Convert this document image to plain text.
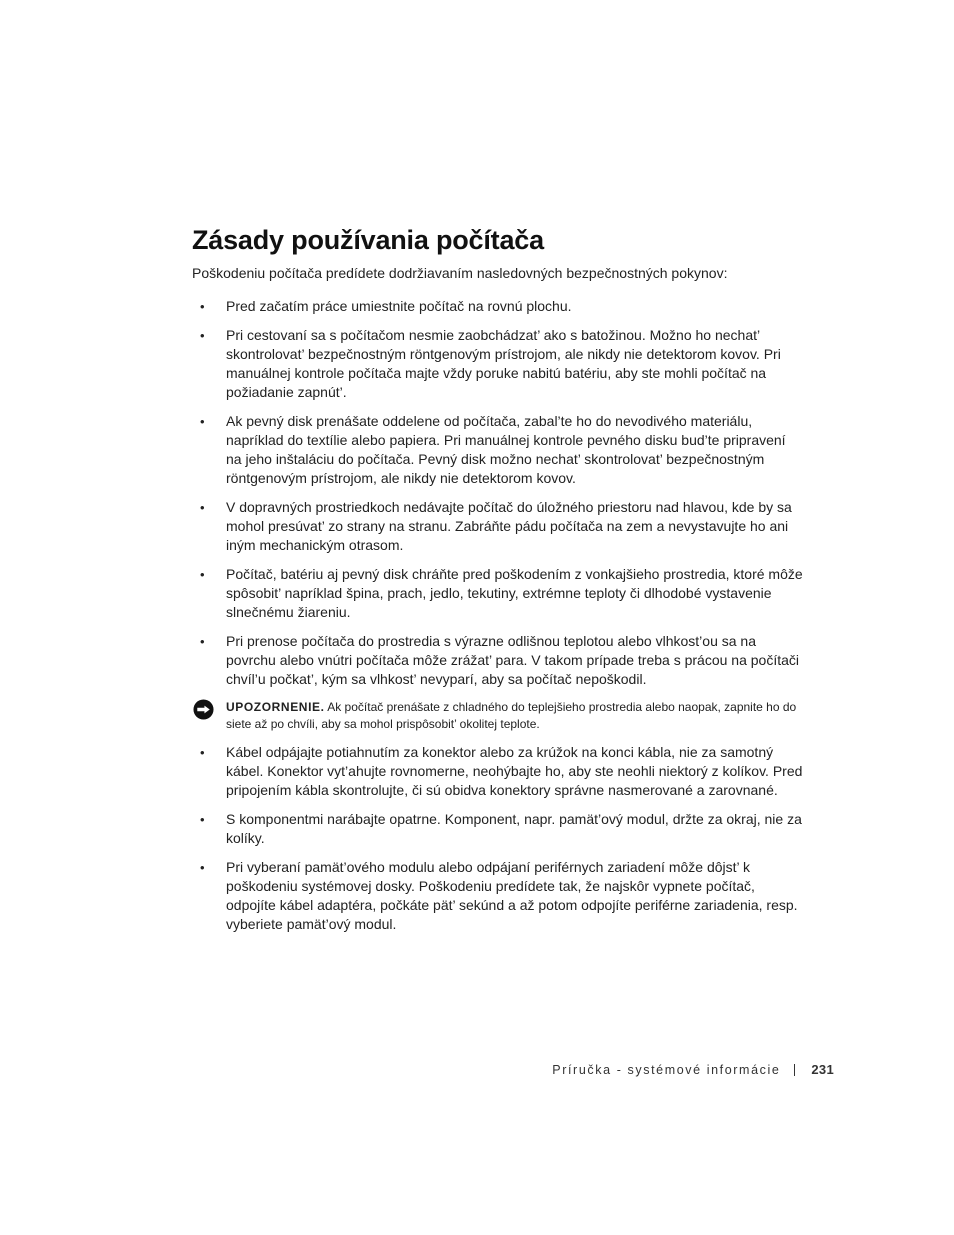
Zásady používania počítača

Poškodeniu počítača predídete dodržiavaním nasledovných bezpečnostných pokynov:

• Pred začatím práce umiestnite počítač na rovnú plochu.
• Pri cestovaní sa s počítačom nesmie zaobchádzat’ ako s batožinou. Možno ho nechat’ skontrolovat’ bezpečnostným röntgenovým prístrojom, ale nikdy nie detektorom kovov. Pri manuálnej kontrole počítača majte vždy poruke nabitú batériu, aby ste mohli počítač na požiadanie zapnút’.
• Ak pevný disk prenášate oddelene od počítača, zabal’te ho do nevodivého materiálu, napríklad do textílie alebo papiera. Pri manuálnej kontrole pevného disku bud’te pripravení na jeho inštaláciu do počítača. Pevný disk možno nechat’ skontrolovat’ bezpečnostným röntgenovým prístrojom, ale nikdy nie detektorom kovov.
• V dopravných prostriedkoch nedávajte počítač do úložného priestoru nad hlavou, kde by sa mohol presúvat’ zo strany na stranu. Zabráňte pádu počítača na zem a nevystavujte ho ani iným mechanickým otrasom.
• Počítač, batériu aj pevný disk chráňte pred poškodením z vonkajšieho prostredia, ktoré môže spôsobit’ napríklad špina, prach, jedlo, tekutiny, extrémne teploty či dlhodobé vystavenie slnečnému žiareniu.
• Pri prenose počítača do prostredia s výrazne odlišnou teplotou alebo vlhkost’ou sa na povrchu alebo vnútri počítača môže zrážat’ para. V takom prípade treba s prácou na počítači chvíl’u počkat’, kým sa vlhkost’ nevyparí, aby sa počítač nepoškodil.
UPOZORNENIE. Ak počítač prenášate z chladného do teplejšieho prostredia alebo naopak, zapnite ho do siete až po chvíli, aby sa mohol prispôsobit’ okolitej teplote.
• Kábel odpájajte potiahnutím za konektor alebo za krúžok na konci kábla, nie za samotný kábel. Konektor vyt’ahujte rovnomerne, neohýbajte ho, aby ste neohli niektorý z kolíkov. Pred pripojením kábla skontrolujte, či sú obidva konektory správne nasmerované a zarovnané.
• S komponentmi narábajte opatrne. Komponent, napr. pamät’ový modul, držte za okraj, nie za kolíky.
• Pri vyberaní pamät’ového modulu alebo odpájaní periférnych zariadení môže dôjst’ k poškodeniu systémovej dosky. Poškodeniu predídete tak, že najskôr vypnete počítač, odpojíte kábel adaptéra, počkáte pät’ sekúnd a až potom odpojíte periférne zariadenia, resp. vyberiete pamät’ový modul.
Príručka - systémové informácie 231
